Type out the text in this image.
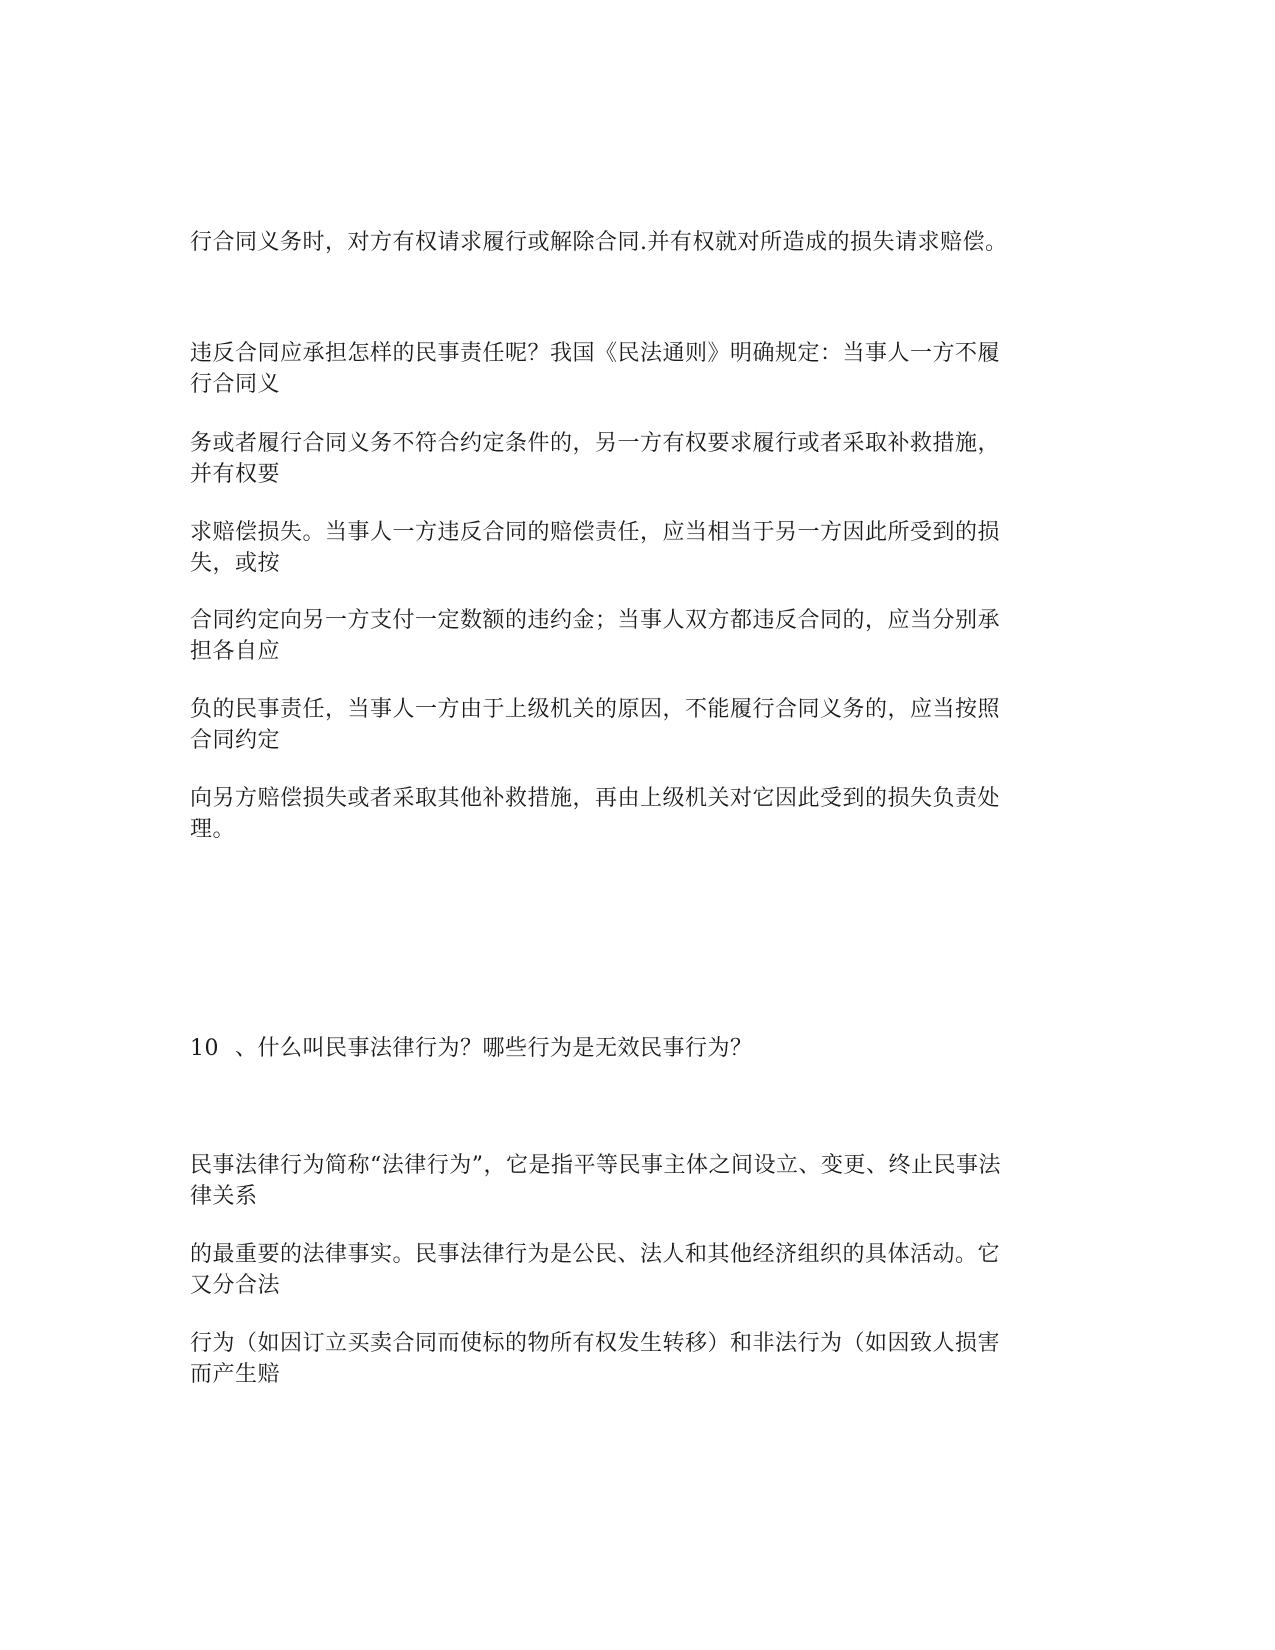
行合同义务时，对方有权请求履行或解除合同.并有权就对所造成的损失请求赔偿。
违反合同应承担怎样的民事责任呢？我国《民法通则》明确规定：当事人一方不履
行合同义
务或者履行合同义务不符合约定条件的，另一方有权要求履行或者采取补救措施，
并有权要
求赔偿损失。当事人一方违反合同的赔偿责任，应当相当于另一方因此所受到的损
失，或按
合同约定向另一方支付一定数额的违约金；当事人双方都违反合同的，应当分别承
担各自应
负的民事责任，当事人一方由于上级机关的原因，不能履行合同义务的，应当按照
合同约定
向另方赔偿损失或者采取其他补救措施，再由上级机关对它因此受到的损失负责处
理。
10 、什么叫民事法律行为？哪些行为是无效民事行为？
民事法律行为简称“法律行为”，它是指平等民事主体之间设立、变更、终止民事法
律关系
的最重要的法律事实。民事法律行为是公民、法人和其他经济组织的具体活动。它
又分合法
行为（如因订立买卖合同而使标的物所有权发生转移）和非法行为（如因致人损害
而产生赔
